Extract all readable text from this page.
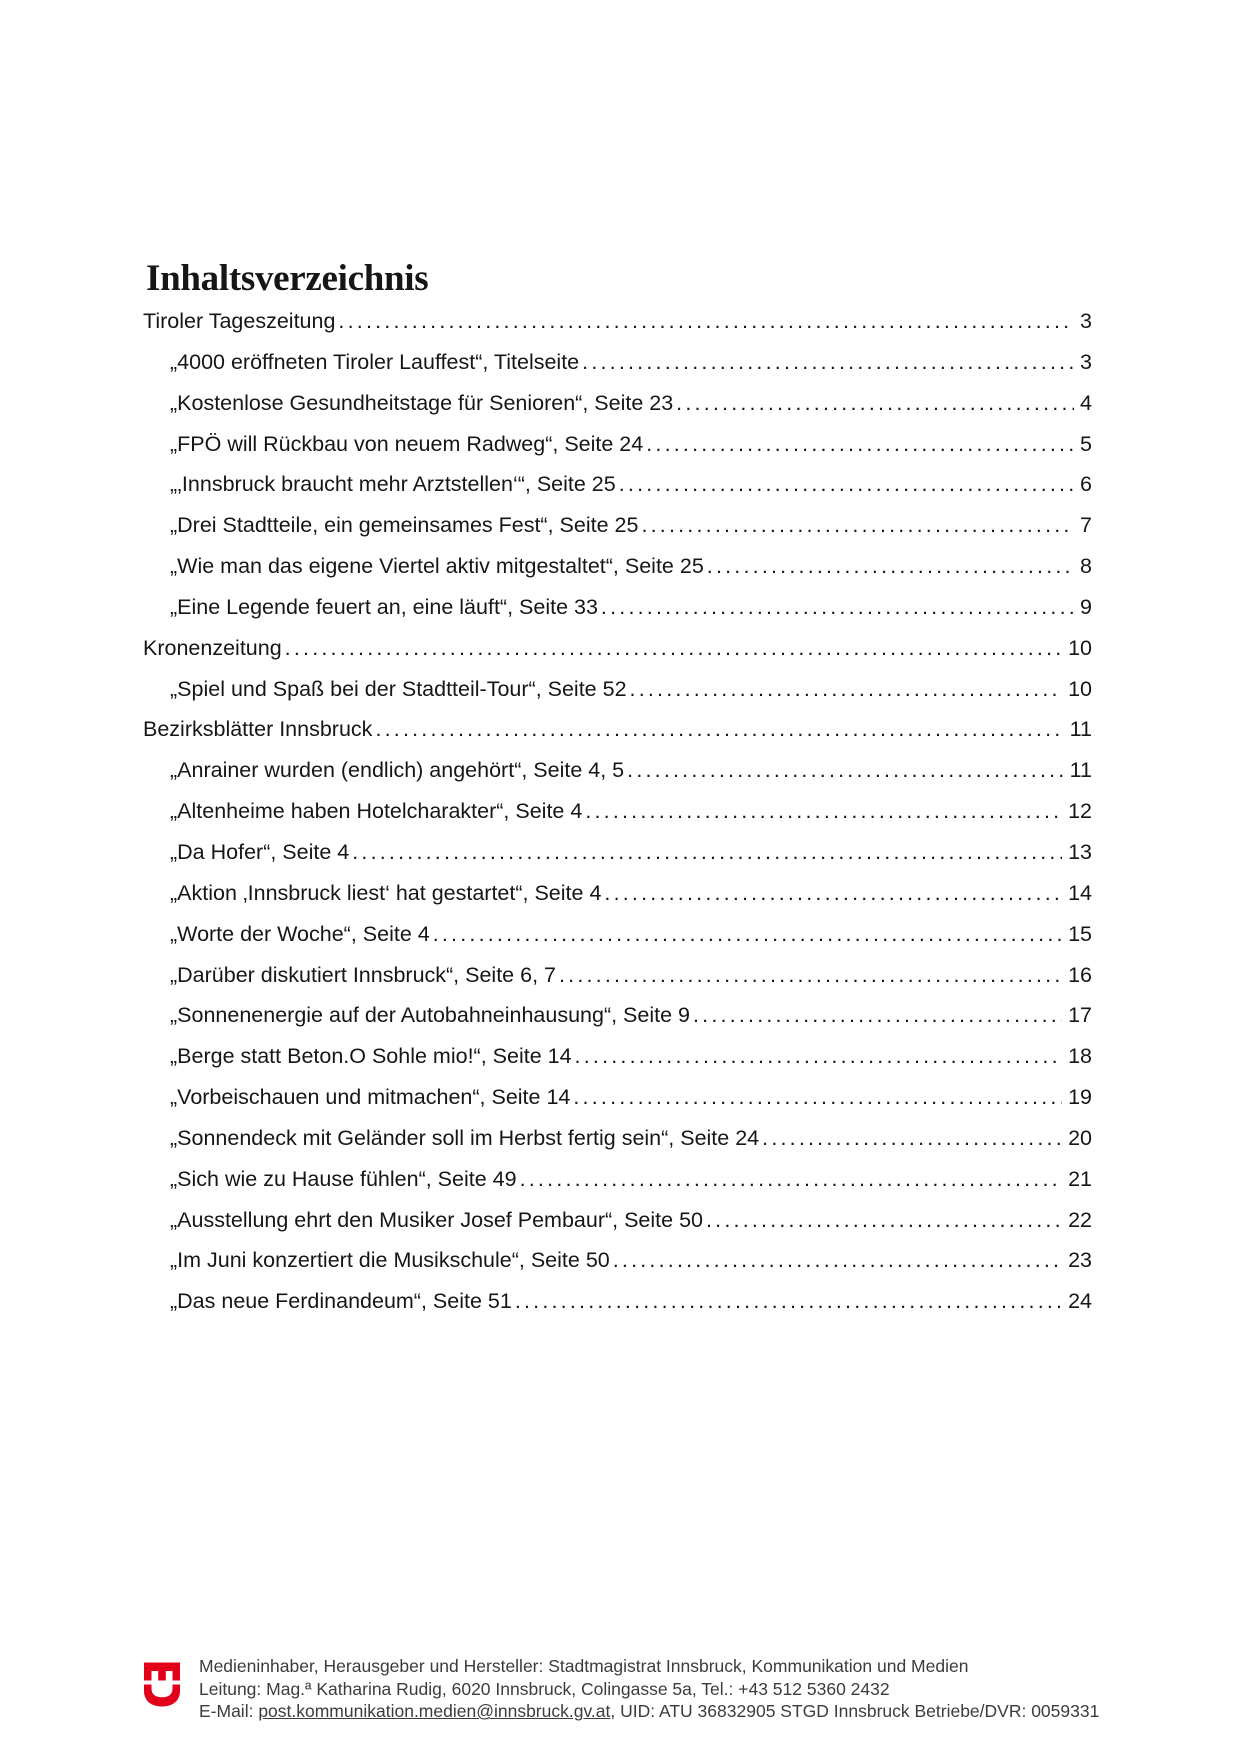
Inhaltsverzeichnis
Tiroler Tageszeitung .....	3
„4000 eröffneten Tiroler Lauffest“, Titelseite .....	3
„Kostenlose Gesundheitstage für Senioren“, Seite 23 .....	4
„FPÖ will Rückbau von neuem Radweg“, Seite 24 .....	5
„‚Innsbruck braucht mehr Arztstellen‘“, Seite 25 .....	6
„Drei Stadtteile, ein gemeinsames Fest“, Seite 25 .....	7
„Wie man das eigene Viertel aktiv mitgestaltet“, Seite 25 .....	8
„Eine Legende feuert an, eine läuft“, Seite 33 .....	9
Kronenzeitung .....	10
„Spiel und Spaß bei der Stadtteil-Tour“, Seite 52 .....	10
Bezirksblätter Innsbruck .....	11
„Anrainer wurden (endlich) angehört“, Seite 4, 5 .....	11
„Altenheime haben Hotelcharakter“, Seite 4 .....	12
„Da Hofer“, Seite 4 .....	13
„Aktion ‚Innsbruck liest‘ hat gestartet“, Seite 4 .....	14
„Worte der Woche“, Seite 4 .....	15
„Darüber diskutiert Innsbruck“, Seite 6, 7 .....	16
„Sonnenenergie auf der Autobahneinhausung“, Seite 9 .....	17
„Berge statt Beton.O Sohle mio!“, Seite 14 .....	18
„Vorbeischauen und mitmachen“, Seite 14 .....	19
„Sonnendeck mit Geländer soll im Herbst fertig sein“, Seite 24 .....	20
„Sich wie zu Hause fühlen“, Seite 49 .....	21
„Ausstellung ehrt den Musiker Josef Pembaur“, Seite 50 .....	22
„Im Juni konzertiert die Musikschule“, Seite 50 .....	23
„Das neue Ferdinandeum“, Seite 51 .....	24
Medieninhaber, Herausgeber und Hersteller: Stadtmagistrat Innsbruck, Kommunikation und Medien
Leitung: Mag.ª Katharina Rudig, 6020 Innsbruck, Colingasse 5a, Tel.: +43 512 5360 2432
E-Mail: post.kommunikation.medien@innsbruck.gv.at, UID: ATU 36832905 STGD Innsbruck Betriebe/DVR: 0059331
